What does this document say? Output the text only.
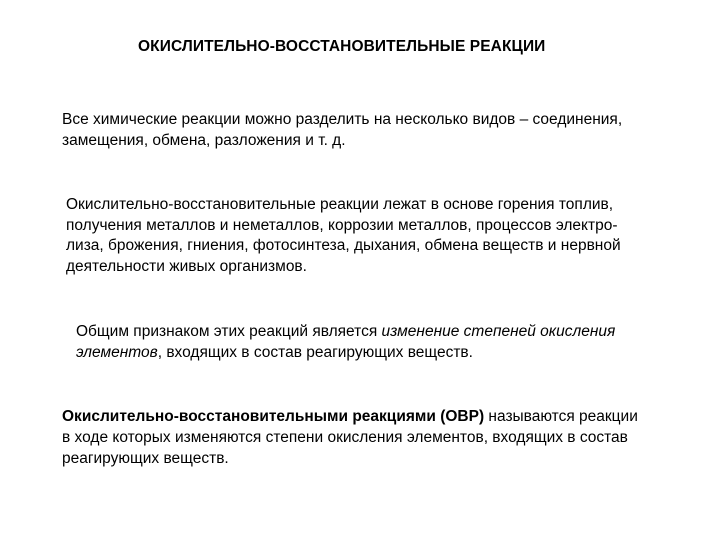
ОКИСЛИТЕЛЬНО-ВОССТАНОВИТЕЛЬНЫЕ РЕАКЦИИ
Все химические реакции можно разделить на несколько видов – соединения,
замещения, обмена, разложения и т. д.
Окислительно-восстановительные реакции лежат в основе горения топлив,
получения металлов и неметаллов, коррозии металлов, процессов электро-
лиза, брожения, гниения, фотосинтеза, дыхания, обмена веществ и нервной
деятельности живых организмов.
Общим признаком этих реакций является изменение степеней окисления
элементов, входящих в состав реагирующих веществ.
Окислительно-восстановительными реакциями (ОВР) называются реакции
в ходе которых изменяются степени окисления элементов, входящих в состав
реагирующих веществ.
